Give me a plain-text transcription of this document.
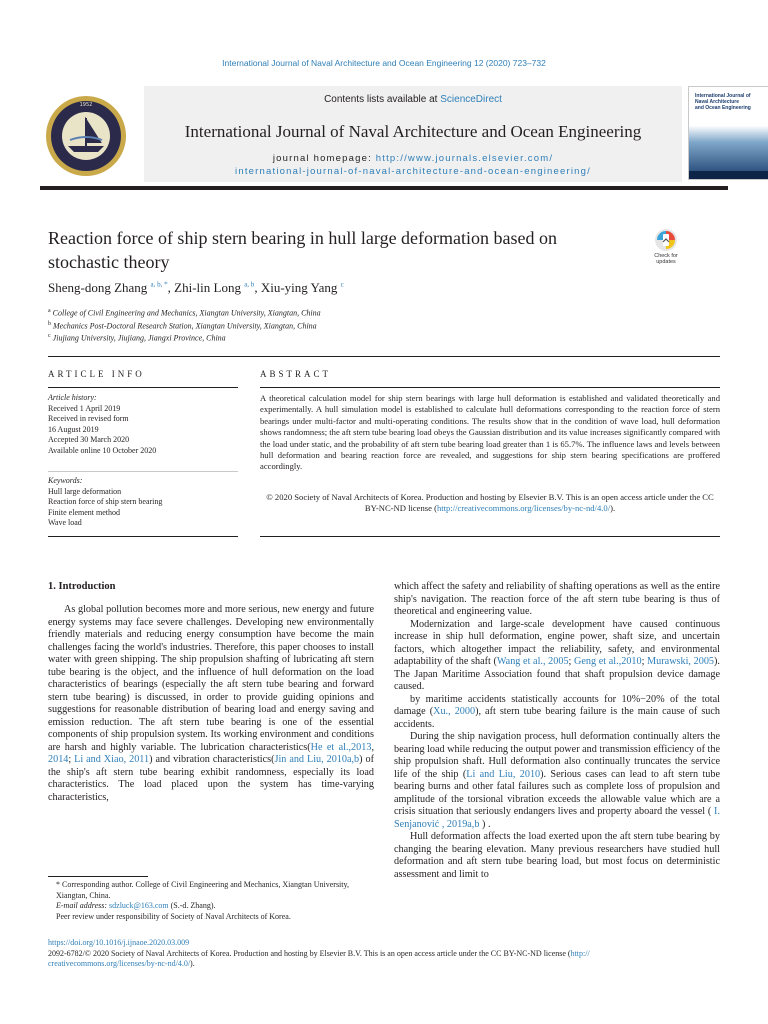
International Journal of Naval Architecture and Ocean Engineering 12 (2020) 723–732
1952	Contents lists available at ScienceDirect
International Journal of Naval Architecture and Ocean Engineering
journal homepage: http://www.journals.elsevier.com/
international-journal-of-naval-architecture-and-ocean-engineering/
International Journal of
Naval Architecture
and Ocean Engineering
Reaction force of ship stern bearing in hull large deformation based on stochastic theory	Check for updates
Sheng-dong Zhang $^{a, b, *}$, Zhi-lin Long $^{a, b}$, Xiu-ying Yang $^c$
$^a$ College of Civil Engineering and Mechanics, Xiangtan University, Xiangtan, China
$^b$ Mechanics Post-Doctoral Research Station, Xiangtan University, Xiangtan, China
$^c$ Jiujiang University, Jiujiang, Jiangxi Province, China
ARTICLE INFO	ABSTRACT
Article history:
Received 1 April 2019
Received in revised form
16 August 2019
Accepted 30 March 2020
Available online 10 October 2020
Keywords:
Hull large deformation
Reaction force of ship stern bearing
Finite element method
Wave load
A theoretical calculation model for ship stern bearings with large hull deformation is established and validated theoretically and experimentally. A hull simulation model is established to calculate hull deformations corresponding to the reaction force of stern bearings under multi-factor and multi-operating conditions. The results show that in the condition of wave load, hull deformation shows randomness; the aft stern tube bearing load obeys the Gaussian distribution and its value increases significantly compared with the load under static, and the probability of aft stern tube bearing load greater than 1 is 65.7%. The influence laws and levels between hull deformation and bearing reaction force are revealed, and suggestions for ship stern bearing specifications are proffered accordingly.
© 2020 Society of Naval Architects of Korea. Production and hosting by Elsevier B.V. This is an open access article under the CC BY-NC-ND license (http://creativecommons.org/licenses/by-nc-nd/4.0/).
1. Introduction

As global pollution becomes more and more serious, new energy and future energy systems may face severe challenges. Developing new environmentally friendly materials and reducing energy consumption have become the main challenges facing the world's industries. Therefore, this paper chooses to install water with green shipping. The ship propulsion shafting of lubricating aft stern tube bearing is the object, and the influence of hull deformation on the load characteristics of bearings (especially the aft stern tube bearing and forward stern tube bearing) is discussed, in order to provide guiding opinions and suggestions for reasonable distribution of bearing load and energy saving and emission reduction. The aft stern tube bearing is one of the essential components of ship propulsion system. Its working environment and conditions are harsh and highly variable. The lubrication characteristics(He et al.,2013, 2014; Li and Xiao, 2011) and vibration characteristics(Jin and Liu, 2010a,b) of the ship's aft stern tube bearing exhibit randomness, especially its load characteristics. The load placed upon the system has time-varying characteristics,

which affect the safety and reliability of shafting operations as well as the entire ship's navigation. The reaction force of the aft stern tube bearing is thus of theoretical and engineering value.

Modernization and large-scale development have caused continuous increase in ship hull deformation, engine power, shaft size, and uncertain factors, which altogether impact the reliability, safety, and environmental adaptability of the shaft (Wang et al., 2005; Geng et al.,2010; Murawski, 2005). The Japan Maritime Association found that shaft propulsion device damage caused.

by maritime accidents statistically accounts for 10%−20% of the total damage (Xu., 2000), aft stern tube bearing failure is the main cause of such accidents.

During the ship navigation process, hull deformation continually alters the bearing load while reducing the output power and transmission efficiency of the ship propulsion shaft. Hull deformation also continually truncates the service life of the ship (Li and Liu, 2010). Serious cases can lead to aft stern tube bearing burns and other fatal failures such as complete loss of propulsion and amplitude of the torsional vibration exceeds the allowable value which are a crisis situation that seriously endangers lives and property aboard the vessel ( I. Senjanović , 2019a,b ) .

Hull deformation affects the load exerted upon the aft stern tube bearing by changing the bearing elevation. Many previous researchers have studied hull deformation and aft stern tube bearing load, but most focus on deterministic assessment and limit to

* Corresponding author. College of Civil Engineering and Mechanics, Xiangtan University, Xiangtan, China.
E-mail address: sdzluck@163.com (S.-d. Zhang).
Peer review under responsibility of Society of Naval Architects of Korea.
https://doi.org/10.1016/j.ijnaoe.2020.03.009
2092-6782/© 2020 Society of Naval Architects of Korea. Production and hosting by Elsevier B.V. This is an open access article under the CC BY-NC-ND license (http://
creativecommons.org/licenses/by-nc-nd/4.0/).
